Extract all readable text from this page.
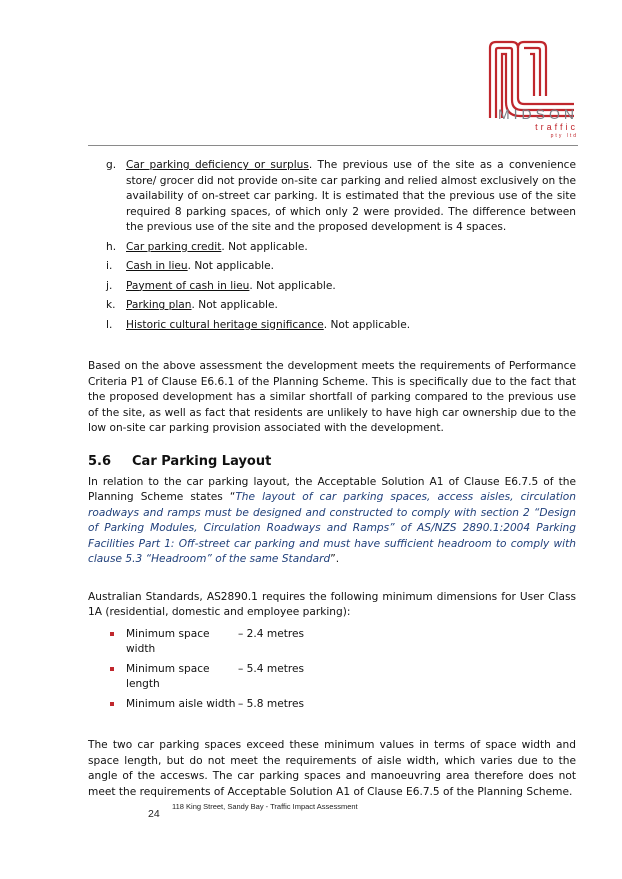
MIDSON
traffic
pty ltd
g. Car parking deficiency or surplus. The previous use of the site as a convenience store/ grocer did not provide on-site car parking and relied almost exclusively on the availability of on-street car parking. It is estimated that the previous use of the site required 8 parking spaces, of which only 2 were provided. The difference between the previous use of the site and the proposed development is 4 spaces.
h. Car parking credit. Not applicable.
i. Cash in lieu. Not applicable.
j. Payment of cash in lieu. Not applicable.
k. Parking plan. Not applicable.
l. Historic cultural heritage significance. Not applicable.

Based on the above assessment the development meets the requirements of Performance Criteria P1 of Clause E6.6.1 of the Planning Scheme. This is specifically due to the fact that the proposed development has a similar shortfall of parking compared to the previous use of the site, as well as fact that residents are unlikely to have high car ownership due to the low on-site car parking provision associated with the development.

5.6	Car Parking Layout

In relation to the car parking layout, the Acceptable Solution A1 of Clause E6.7.5 of the Planning Scheme states “The layout of car parking spaces, access aisles, circulation roadways and ramps must be designed and constructed to comply with section 2 “Design of Parking Modules, Circulation Roadways and Ramps” of AS/NZS 2890.1:2004 Parking Facilities Part 1: Off-street car parking and must have sufficient headroom to comply with clause 5.3 “Headroom” of the same Standard”.

Australian Standards, AS2890.1 requires the following minimum dimensions for User Class 1A (residential, domestic and employee parking):

Minimum space width
– 2.4 metres
Minimum space length
– 5.4 metres
Minimum aisle width – 5.8 metres

The two car parking spaces exceed these minimum values in terms of space width and space length, but do not meet the requirements of aisle width, which varies due to the angle of the accesws. The car parking spaces and manoeuvring area therefore does not meet the requirements of Acceptable Solution A1 of Clause E6.7.5 of the Planning Scheme.

118 King Street, Sandy Bay - Traffic Impact Assessment
24
